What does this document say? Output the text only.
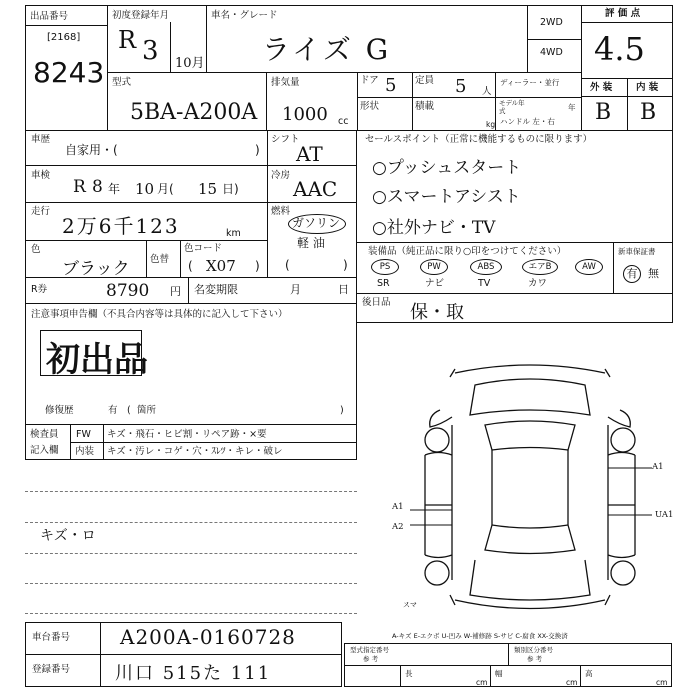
出品番号
[2168]
8243
初度登録年月
R 3 10月
車名・グレード
ライズ G
2WD
4WD
評 価 点
4.5
外 装 内 装
B B
型式
5BA-A200A
排気量
1000 cc
ドア 5 定員 5 人
ディーラー・並行
形状	積載
kg
モデル年式	年
ハンドル 左・右
車歴
自家用・(	)
車検
R 8 年 10 月( 15 日)
走行
2万6千123	km
色
ブラック 色替
色コード
( X07 )
シフト
AT
冷房
AAC
燃料
ガソリン
軽 油
(	)
R券	8790 円 名変期限	月	日
セールスポイント（正常に機能するものに限ります）
○プッシュスタート
○スマートアシスト
○社外ナビ・TV
装備品（純正品に限り○印をつけてください）	新車保証書
有 無
PS	PW	ABS	エアB	AW
SR	ナビ	TV	カワ
後日品 保・取
注意事項申告欄（不具合内容等は具体的に記入して下さい）
初出品
修復歴	有 ( 箇所	)
検査員
記入欄
FW キズ・飛石・ヒビ割・リペア跡・×要
内装 キズ・汚レ・コゲ・穴・ｽﾚﾂ・キレ・破レ
キズ・ロ
A1
UA1
A1
A2
スマ
A-キズ E-エクボ U-凹み W-補修跡 S-サビ C-腐食 XX-交換済
車台番号 A200A-0160728
登録番号 川口 515た 111
型式指定番号
参 考
類別区分番号
参 考
長	幅	高
cm	cm	cm
